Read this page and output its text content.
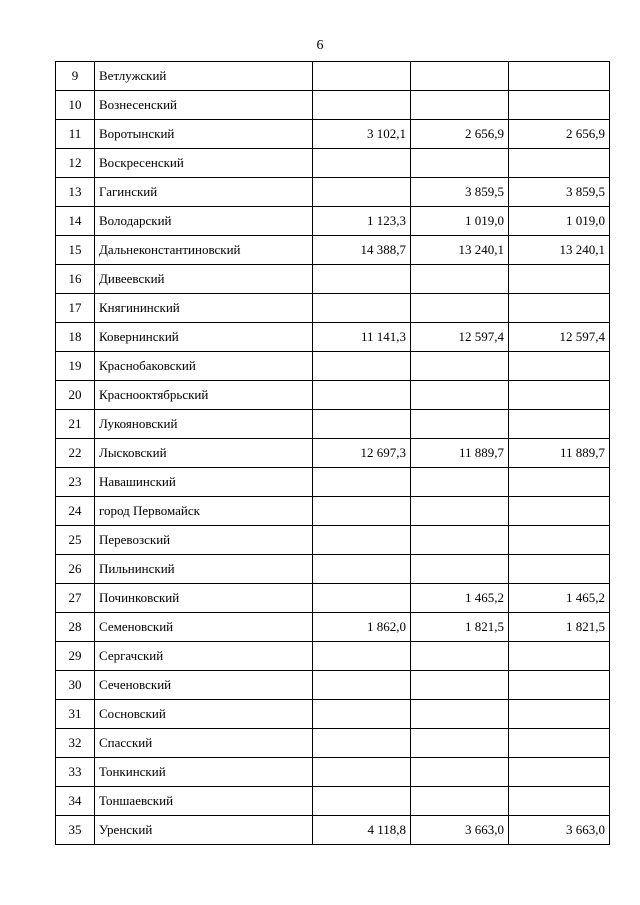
6
9	Ветлужский			
10	Вознесенский			
11	Воротынский	3 102,1	2 656,9	2 656,9
12	Воскресенский			
13	Гагинский		3 859,5	3 859,5
14	Володарский	1 123,3	1 019,0	1 019,0
15	Дальнеконстантиновский	14 388,7	13 240,1	13 240,1
16	Дивеевский			
17	Княгининский			
18	Ковернинский	11 141,3	12 597,4	12 597,4
19	Краснобаковский			
20	Краснооктябрьский			
21	Лукояновский			
22	Лысковский	12 697,3	11 889,7	11 889,7
23	Навашинский			
24	город Первомайск			
25	Перевозский			
26	Пильнинский			
27	Починковский		1 465,2	1 465,2
28	Семеновский	1 862,0	1 821,5	1 821,5
29	Сергачский			
30	Сеченовский			
31	Сосновский			
32	Спасский			
33	Тонкинский			
34	Тоншаевский			
35	Уренский	4 118,8	3 663,0	3 663,0
